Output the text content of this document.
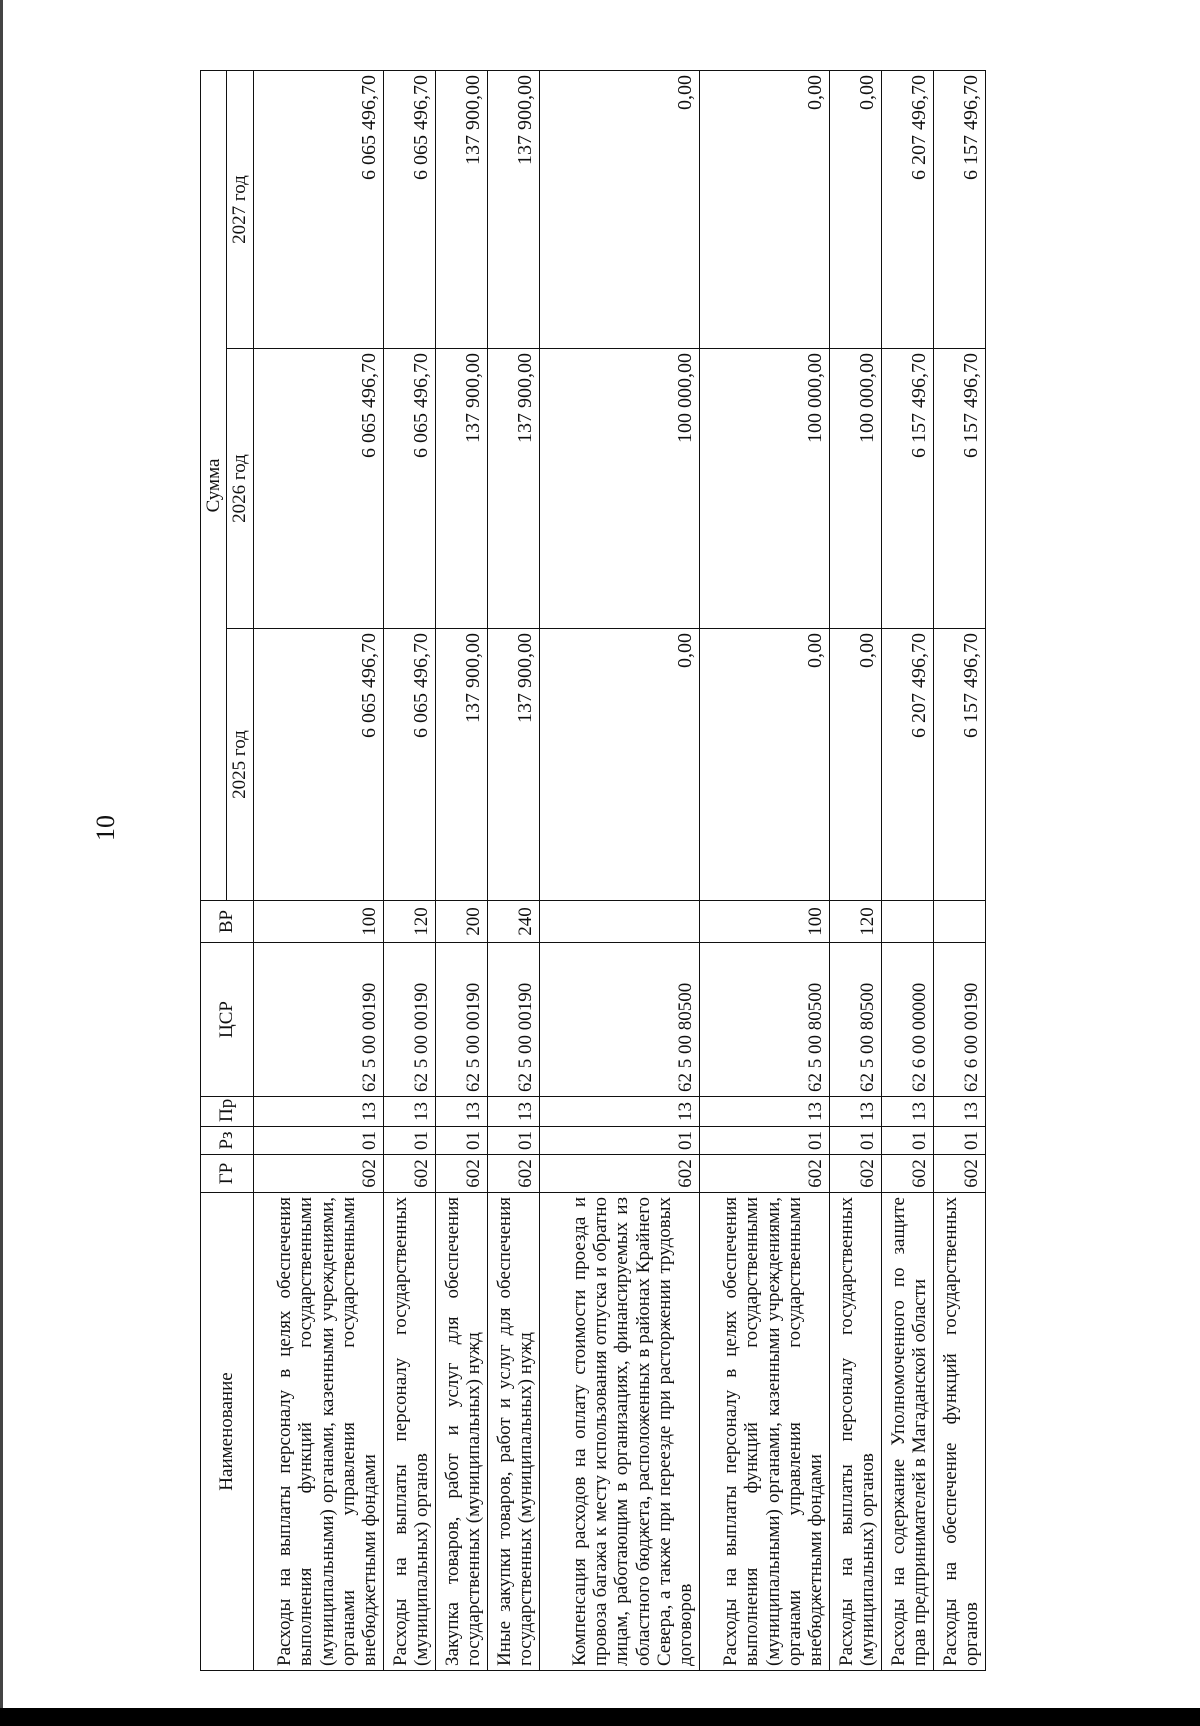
10
Наименование	ГР	Рз	Пр	ЦСР	ВР	Сумма		
						2025 год	2026 год	2027 год
Расходы на выплаты персоналу в целях обеспечения выполнения функций государственными (муниципальными) органами, казенными учреждениями, органами управления государственными внебюджетными фондами	602	01	13	62 5 00 00190	100	6 065 496,70	6 065 496,70	6 065 496,70
Расходы на выплаты персоналу государственных (муниципальных) органов	602	01	13	62 5 00 00190	120	6 065 496,70	6 065 496,70	6 065 496,70
Закупка товаров, работ и услуг для обеспечения государственных (муниципальных) нужд	602	01	13	62 5 00 00190	200	137 900,00	137 900,00	137 900,00
Иные закупки товаров, работ и услуг для обеспечения государственных (муниципальных) нужд	602	01	13	62 5 00 00190	240	137 900,00	137 900,00	137 900,00
Компенсация расходов на оплату стоимости проезда и провоза багажа к месту использования отпуска и обратно лицам, работающим в организациях, финансируемых из областного бюджета, расположенных в районах Крайнего Севера, а также при переезде при расторжении трудовых договоров	602	01	13	62 5 00 80500		0,00	100 000,00	0,00
Расходы на выплаты персоналу в целях обеспечения выполнения функций государственными (муниципальными) органами, казенными учреждениями, органами управления государственными внебюджетными фондами	602	01	13	62 5 00 80500	100	0,00	100 000,00	0,00
Расходы на выплаты персоналу государственных (муниципальных) органов	602	01	13	62 5 00 80500	120	0,00	100 000,00	0,00
Расходы на содержание Уполномоченного по защите прав предпринимателей в Магаданской области	602	01	13	62 6 00 00000		6 207 496,70	6 157 496,70	6 207 496,70
Расходы на обеспечение функций государственных органов	602	01	13	62 6 00 00190		6 157 496,70	6 157 496,70	6 157 496,70
